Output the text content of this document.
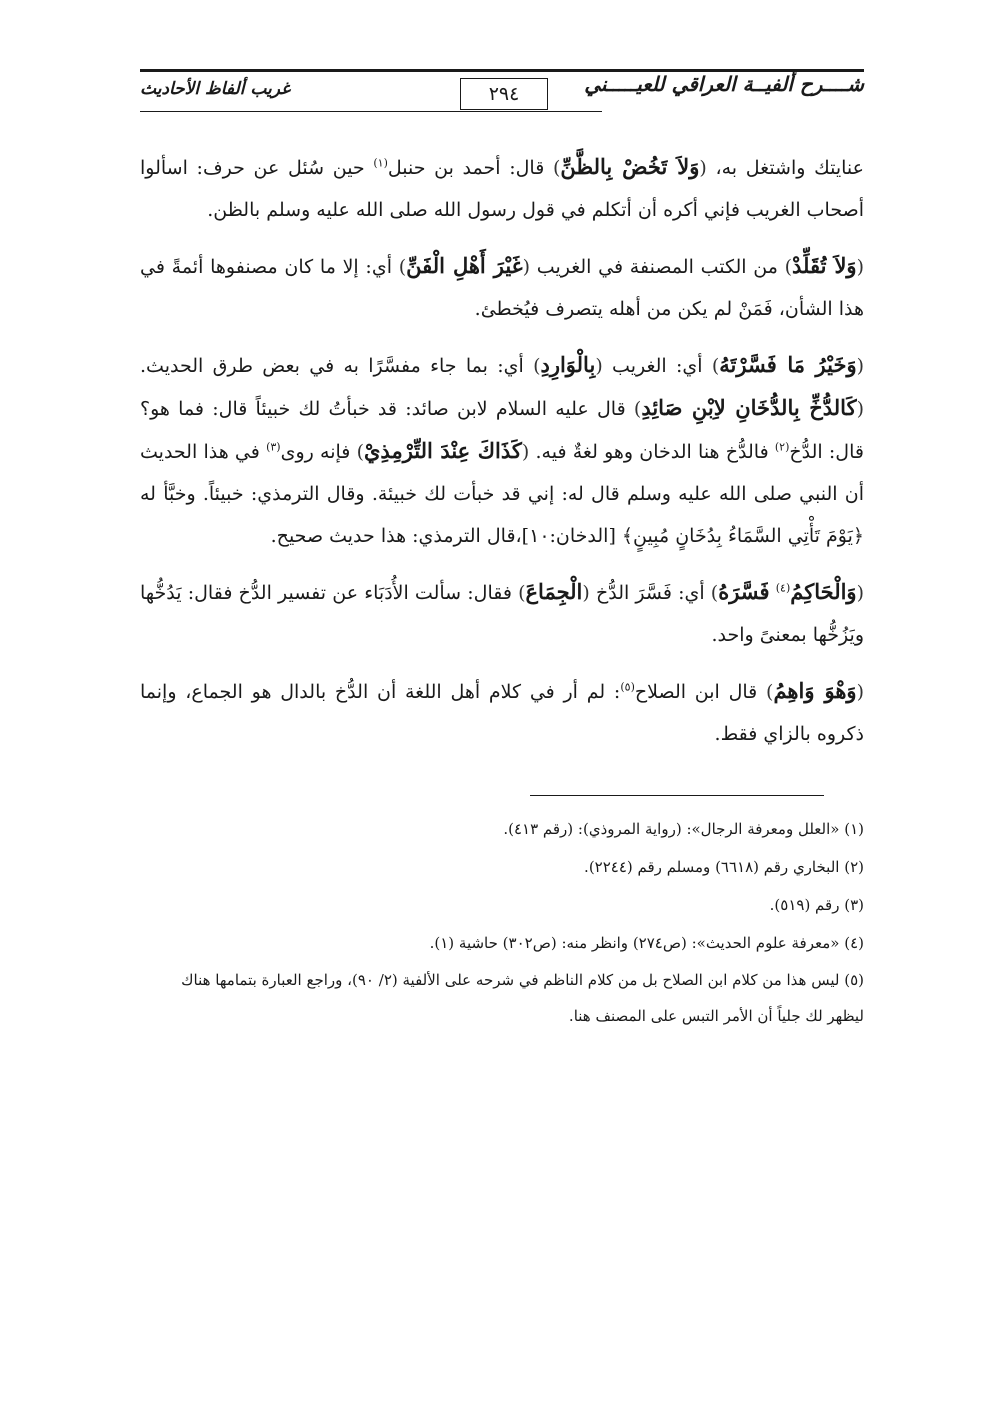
شــــرح ألفيــة العراقي للعيـــــني
٢٩٤
غريب ألفاظ الأحاديث

عنايتك واشتغل به، (وَلاَ تَخُضْ بِالظَّنِّ) قال: أحمد بن حنبل$^{(١)}$ حين سُئل عن حرف: اسألوا أصحاب الغريب فإني أكره أن أتكلم في قول رسول الله صلى الله عليه وسلم بالظن.

(وَلاَ تُقَلِّدْ) من الكتب المصنفة في الغريب (غَيْرَ أَهْلِ الْفَنِّ) أي: إلا ما كان مصنفوها أئمةً في هذا الشأن، فَمَنْ لم يكن من أهله يتصرف فيُخطئ.

(وَخَيْرُ مَا فَسَّرْتَهُ) أي: الغريب (بِالْوَارِدِ) أي: بما جاء مفسَّرًا به في بعض طرق الحديث. (كَالدُّخِّ بِالدُّخَانِ لاِبْنِ صَائِدِ) قال عليه السلام لابن صائد: قد خبأتُ لك خبيئاً قال: فما هو؟ قال: الدُّخ$^{(٢)}$ فالدُّخ هنا الدخان وهو لغةٌ فيه. (كَذَاكَ عِنْدَ التِّرْمِذِيْ) فإنه روى$^{(٣)}$ في هذا الحديث أن النبي صلى الله عليه وسلم قال له: إني قد خبأت لك خبيئة. وقال الترمذي: خبيئاً. وخبَّأ له ﴿يَوْمَ تَأْتِي السَّمَاءُ بِدُخَانٍ مُبِينٍ﴾ [الدخان:١٠]،قال الترمذي: هذا حديث صحيح.

(وَالْحَاكِمُ$^{(٤)}$ فَسَّرَهُ) أي: فَسَّرَ الدُّخ (الْجِمَاعَ) فقال: سألت الأُدَبَاء عن تفسير الدُّخ فقال: يَدُخُّها ويَزُخُّها بمعنىً واحد.

(وَهْوَ وَاهِمُ) قال ابن الصلاح$^{(٥)}$: لم أر في كلام أهل اللغة أن الدُّخ بالدال هو الجماع، وإنما ذكروه بالزاي فقط.

(١) «العلل ومعرفة الرجال»: (رواية المروذي): (رقم ٤١٣).

(٢) البخاري رقم (٦٦١٨) ومسلم رقم (٢٢٤٤).

(٣) رقم (٥١٩).

(٤) «معرفة علوم الحديث»: (ص٢٧٤) وانظر منه: (ص٣٠٢) حاشية (١).

(٥) ليس هذا من كلام ابن الصلاح بل من كلام الناظم في شرحه على الألفية (٢/ ٩٠)، وراجع العبارة بتمامها هناك ليظهر لك جلياً أن الأمر التبس على المصنف هنا.
